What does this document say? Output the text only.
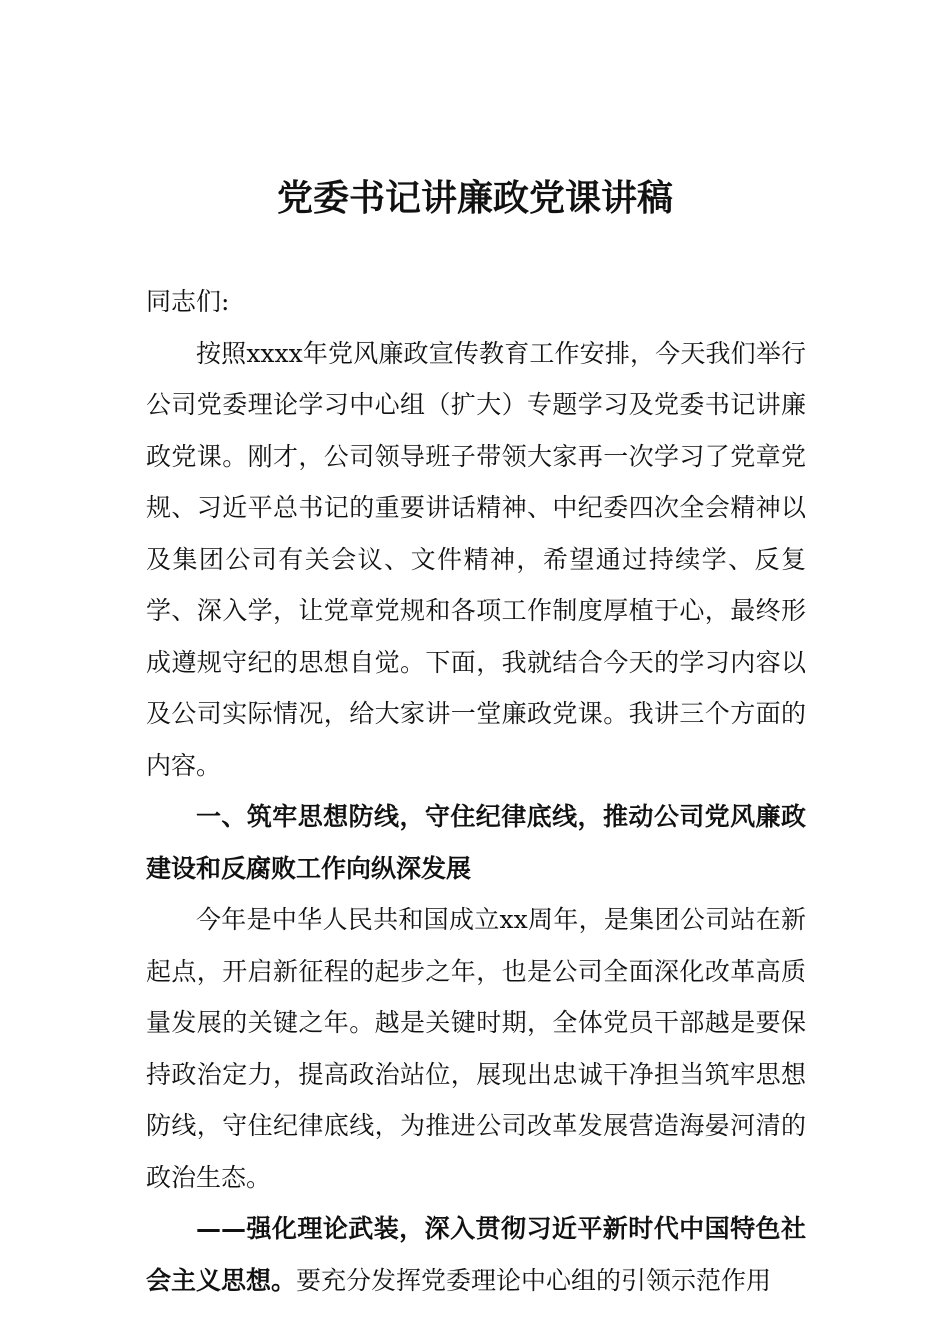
党委书记讲廉政党课讲稿

同志们:

按照xxxx年党风廉政宣传教育工作安排，今天我们举行公司党委理论学习中心组（扩大）专题学习及党委书记讲廉政党课。刚才，公司领导班子带领大家再一次学习了党章党规、习近平总书记的重要讲话精神、中纪委四次全会精神以及集团公司有关会议、文件精神，希望通过持续学、反复学、深入学，让党章党规和各项工作制度厚植于心，最终形成遵规守纪的思想自觉。下面，我就结合今天的学习内容以及公司实际情况，给大家讲一堂廉政党课。我讲三个方面的内容。

一、筑牢思想防线，守住纪律底线，推动公司党风廉政建设和反腐败工作向纵深发展

今年是中华人民共和国成立xx周年，是集团公司站在新起点，开启新征程的起步之年，也是公司全面深化改革高质量发展的关键之年。越是关键时期，全体党员干部越是要保持政治定力，提高政治站位，展现出忠诚干净担当筑牢思想防线，守住纪律底线，为推进公司改革发展营造海晏河清的政治生态。

——强化理论武装，深入贯彻习近平新时代中国特色社会主义思想。要充分发挥党委理论中心组的引领示范作用
